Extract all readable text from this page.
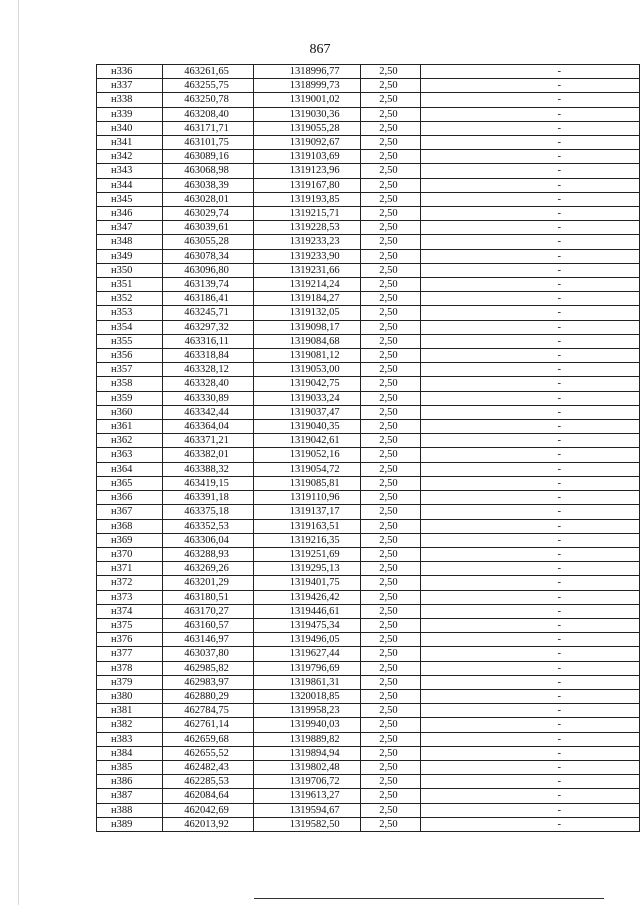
867
н336	463261,65	1318996,77	2,50	-
н337	463255,75	1318999,73	2,50	-
н338	463250,78	1319001,02	2,50	-
н339	463208,40	1319030,36	2,50	-
н340	463171,71	1319055,28	2,50	-
н341	463101,75	1319092,67	2,50	-
н342	463089,16	1319103,69	2,50	-
н343	463068,98	1319123,96	2,50	-
н344	463038,39	1319167,80	2,50	-
н345	463028,01	1319193,85	2,50	-
н346	463029,74	1319215,71	2,50	-
н347	463039,61	1319228,53	2,50	-
н348	463055,28	1319233,23	2,50	-
н349	463078,34	1319233,90	2,50	-
н350	463096,80	1319231,66	2,50	-
н351	463139,74	1319214,24	2,50	-
н352	463186,41	1319184,27	2,50	-
н353	463245,71	1319132,05	2,50	-
н354	463297,32	1319098,17	2,50	-
н355	463316,11	1319084,68	2,50	-
н356	463318,84	1319081,12	2,50	-
н357	463328,12	1319053,00	2,50	-
н358	463328,40	1319042,75	2,50	-
н359	463330,89	1319033,24	2,50	-
н360	463342,44	1319037,47	2,50	-
н361	463364,04	1319040,35	2,50	-
н362	463371,21	1319042,61	2,50	-
н363	463382,01	1319052,16	2,50	-
н364	463388,32	1319054,72	2,50	-
н365	463419,15	1319085,81	2,50	-
н366	463391,18	1319110,96	2,50	-
н367	463375,18	1319137,17	2,50	-
н368	463352,53	1319163,51	2,50	-
н369	463306,04	1319216,35	2,50	-
н370	463288,93	1319251,69	2,50	-
н371	463269,26	1319295,13	2,50	-
н372	463201,29	1319401,75	2,50	-
н373	463180,51	1319426,42	2,50	-
н374	463170,27	1319446,61	2,50	-
н375	463160,57	1319475,34	2,50	-
н376	463146,97	1319496,05	2,50	-
н377	463037,80	1319627,44	2,50	-
н378	462985,82	1319796,69	2,50	-
н379	462983,97	1319861,31	2,50	-
н380	462880,29	1320018,85	2,50	-
н381	462784,75	1319958,23	2,50	-
н382	462761,14	1319940,03	2,50	-
н383	462659,68	1319889,82	2,50	-
н384	462655,52	1319894,94	2,50	-
н385	462482,43	1319802,48	2,50	-
н386	462285,53	1319706,72	2,50	-
н387	462084,64	1319613,27	2,50	-
н388	462042,69	1319594,67	2,50	-
н389	462013,92	1319582,50	2,50	-
